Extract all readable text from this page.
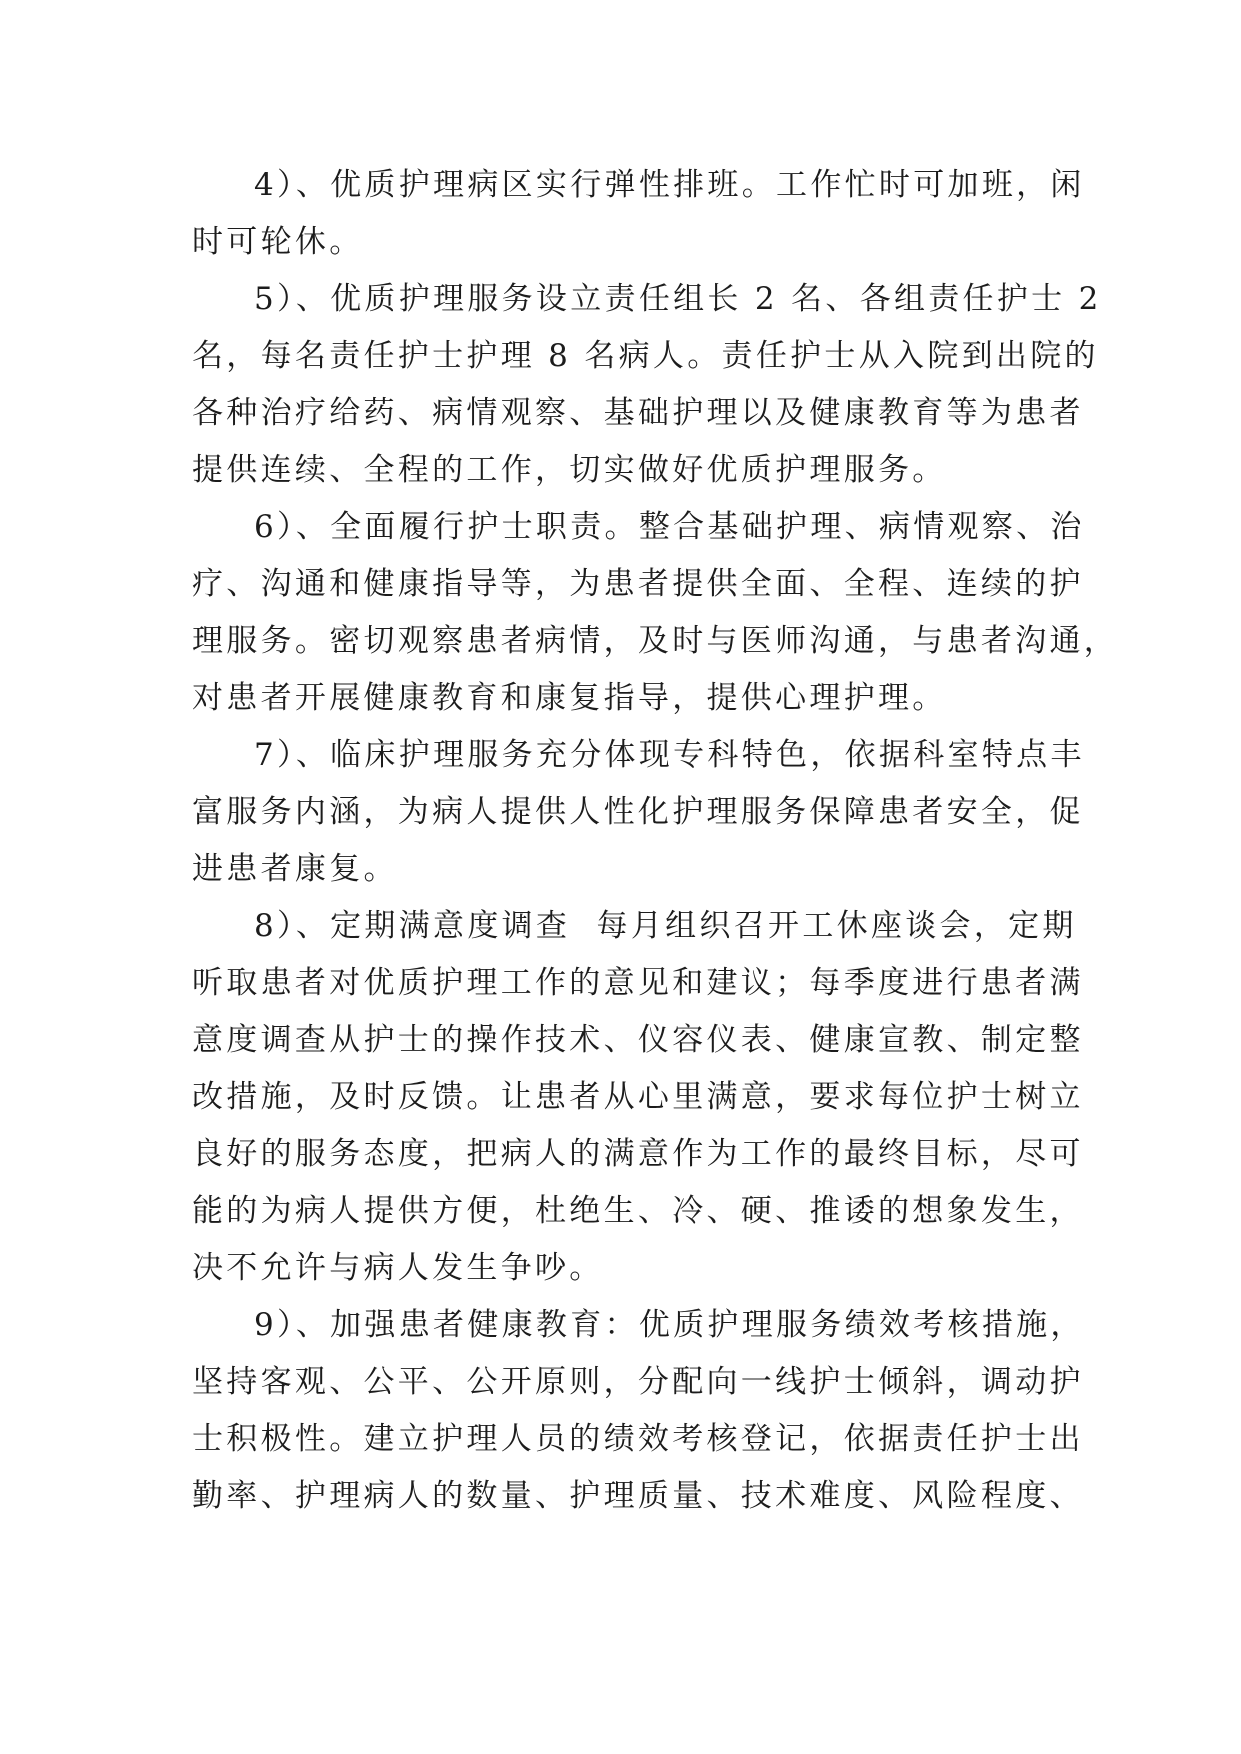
4）、优质护理病区实行弹性排班。工作忙时可加班，闲
时可轮休。
5）、优质护理服务设立责任组长 2 名、各组责任护士 2
名，每名责任护士护理 8 名病人。责任护士从入院到出院的
各种治疗给药、病情观察、基础护理以及健康教育等为患者
提供连续、全程的工作，切实做好优质护理服务。
6）、全面履行护士职责。整合基础护理、病情观察、治
疗、沟通和健康指导等，为患者提供全面、全程、连续的护
理服务。密切观察患者病情，及时与医师沟通，与患者沟通，
对患者开展健康教育和康复指导，提供心理护理。
7）、临床护理服务充分体现专科特色，依据科室特点丰
富服务内涵，为病人提供人性化护理服务保障患者安全，促
进患者康复。
8）、定期满意度调查  每月组织召开工休座谈会，定期
听取患者对优质护理工作的意见和建议；每季度进行患者满
意度调查从护士的操作技术、仪容仪表、健康宣教、制定整
改措施，及时反馈。让患者从心里满意，要求每位护士树立
良好的服务态度，把病人的满意作为工作的最终目标，尽可
能的为病人提供方便，杜绝生、冷、硬、推诿的想象发生，
决不允许与病人发生争吵。
9）、加强患者健康教育：优质护理服务绩效考核措施，
坚持客观、公平、公开原则，分配向一线护士倾斜，调动护
士积极性。建立护理人员的绩效考核登记，依据责任护士出
勤率、护理病人的数量、护理质量、技术难度、风险程度、
